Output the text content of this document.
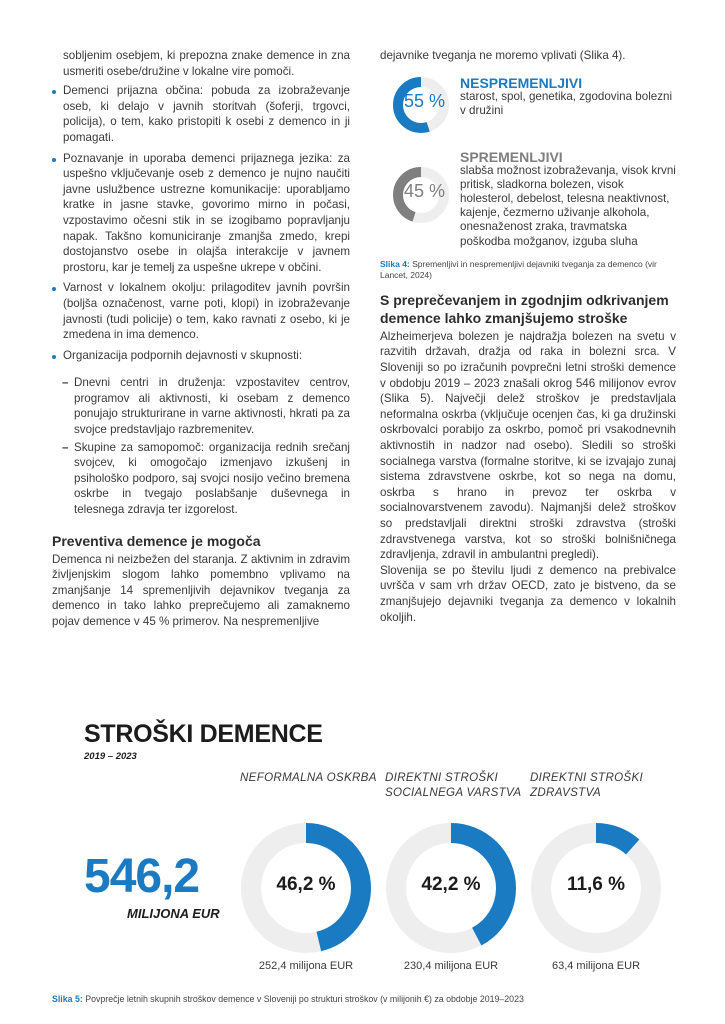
sobljenim osebjem, ki prepozna znake demence in zna usmeriti osebe/družine v lokalne vire pomoči.

Demenci prijazna občina: pobuda za izobraževanje oseb, ki delajo v javnih storitvah (šoferji, trgovci, policija), o tem, kako pristopiti k osebi z demenco in ji pomagati.
Poznavanje in uporaba demenci prijaznega jezika: za uspešno vključevanje oseb z demenco je nujno naučiti javne uslužbence ustrezne komunikacije: uporabljamo kratke in jasne stavke, govorimo mirno in počasi, vzpostavimo očesni stik in se izogibamo popravljanju napak. Takšno komuniciranje zmanjša zmedo, krepi dostojanstvo osebe in olajša interakcije v javnem prostoru, kar je temelj za uspešne ukrepe v občini.
Varnost v lokalnem okolju: prilagoditev javnih površin (boljša označenost, varne poti, klopi) in izobraževanje javnosti (tudi policije) o tem, kako ravnati z osebo, ki je zmedena in ima demenco.
Organizacija podpornih dejavnosti v skupnosti:
– Dnevni centri in druženja: vzpostavitev centrov, programov ali aktivnosti, ki osebam z demenco ponujajo strukturirane in varne aktivnosti, hkrati pa za svojce predstavljajo razbremenitev.
– Skupine za samopomoč: organizacija rednih srečanj svojcev, ki omogočajo izmenjavo izkušenj in psihološko podporo, saj svojci nosijo večino bremena oskrbe in tvegajo poslabšanje duševnega in telesnega zdravja ter izgorelost.
Preventiva demence je mogoča

Demenca ni neizbežen del staranja. Z aktivnim in zdravim življenjskim slogom lahko pomembno vplivamo na zmanjšanje 14 spremenljivih dejavnikov tveganja za demenco in tako lahko preprečujemo ali zamaknemo pojav demence v 45 % primerov. Na nespremenljive

dejavnike tveganja ne moremo vplivati (Slika 4).

55 %
NESPREMENLJIVI
starost, spol, genetika, zgodovina bolezni v družini
45 %
SPREMENLJIVI
slabša možnost izobraževanja, visok krvni pritisk, sladkorna bolezen, visok holesterol, debelost, telesna neaktivnost, kajenje, čezmerno uživanje alkohola, onesnaženost zraka, travmatska poškodba možganov, izguba sluha

Slika 4: Spremenljivi in nespremenljivi dejavniki tveganja za demenco (vir Lancet, 2024)

S preprečevanjem in zgodnjim odkrivanjem demence lahko zmanjšujemo stroške

Alzheimerjeva bolezen je najdražja bolezen na svetu v razvitih državah, dražja od raka in bolezni srca. V Sloveniji so po izračunih povprečni letni stroški demence v obdobju 2019 – 2023 znašali okrog 546 milijonov evrov (Slika 5). Največji delež stroškov je predstavljala neformalna oskrba (vključuje ocenjen čas, ki ga družinski oskrbovalci porabijo za oskrbo, pomoč pri vsakodnevnih aktivnostih in nadzor nad osebo). Sledili so stroški socialnega varstva (formalne storitve, ki se izvajajo zunaj sistema zdravstvene oskrbe, kot so nega na domu, oskrba s hrano in prevoz ter oskrba v socialnovarstvenem zavodu). Najmanjši delež stroškov so predstavljali direktni stroški zdravstva (stroški zdravstvenega varstva, kot so stroški bolnišničnega zdravljenja, zdravil in ambulantni pregledi).

Slovenija se po številu ljudi z demenco na prebivalce uvršča v sam vrh držav OECD, zato je bistveno, da se zmanjšujejo dejavniki tveganja za demenco v lokalnih okoljih.

STROŠKI DEMENCE
2019 – 2023
546,2
MILIJONA EUR
NEFORMALNA OSKRBA
46,2 %
252,4 milijona EUR
DIREKTNI STROŠKI SOCIALNEGA VARSTVA
42,2 %
230,4 milijona EUR
DIREKTNI STROŠKI ZDRAVSTVA
11,6 %
63,4 milijona EUR
Slika 5: Povprečje letnih skupnih stroškov demence v Sloveniji po strukturi stroškov (v milijonih €) za obdobje 2019–2023
